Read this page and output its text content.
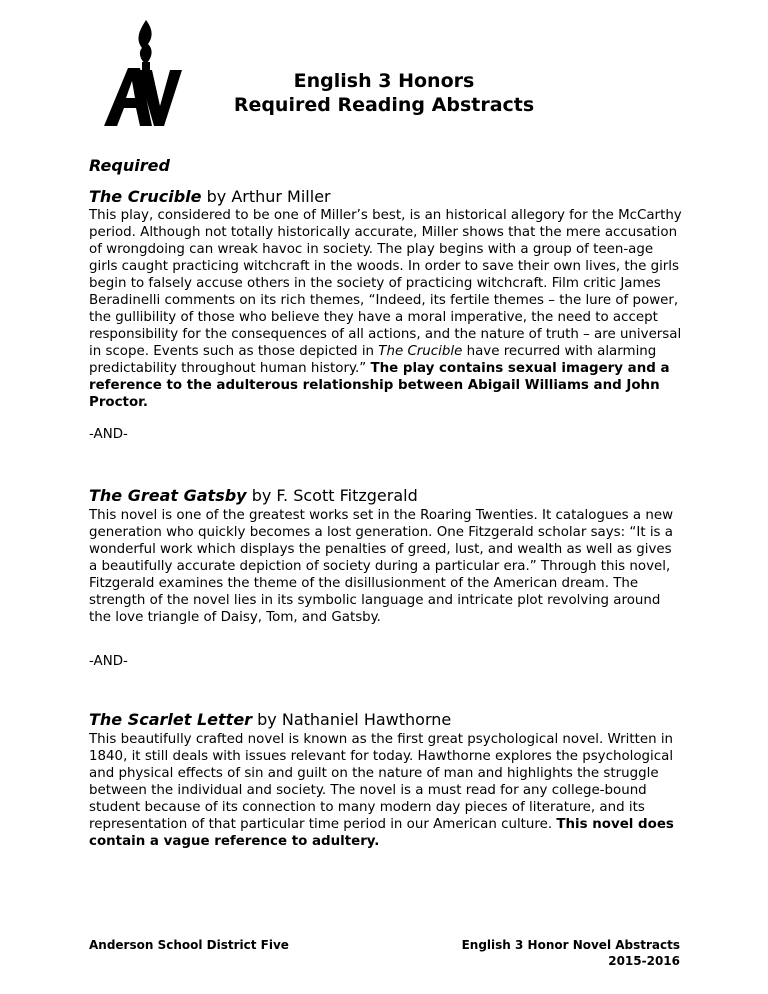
English 3 Honors
Required Reading Abstracts
Required
The Crucible by Arthur Miller

This play, considered to be one of Miller’s best, is an historical allegory for the McCarthy period. Although not totally historically accurate, Miller shows that the mere accusation of wrongdoing can wreak havoc in society. The play begins with a group of teen-age girls caught practicing witchcraft in the woods. In order to save their own lives, the girls begin to falsely accuse others in the society of practicing witchcraft. Film critic James Beradinelli comments on its rich themes, “Indeed, its fertile themes – the lure of power, the gullibility of those who believe they have a moral imperative, the need to accept responsibility for the consequences of all actions, and the nature of truth – are universal in scope. Events such as those depicted in The Crucible have recurred with alarming predictability throughout human history.” The play contains sexual imagery and a reference to the adulterous relationship between Abigail Williams and John Proctor.

-AND-
The Great Gatsby by F. Scott Fitzgerald

This novel is one of the greatest works set in the Roaring Twenties. It catalogues a new generation who quickly becomes a lost generation. One Fitzgerald scholar says: “It is a wonderful work which displays the penalties of greed, lust, and wealth as well as gives a beautifully accurate depiction of society during a particular era.” Through this novel, Fitzgerald examines the theme of the disillusionment of the American dream. The strength of the novel lies in its symbolic language and intricate plot revolving around the love triangle of Daisy, Tom, and Gatsby.

-AND-
The Scarlet Letter by Nathaniel Hawthorne

This beautifully crafted novel is known as the first great psychological novel. Written in 1840, it still deals with issues relevant for today. Hawthorne explores the psychological and physical effects of sin and guilt on the nature of man and highlights the struggle between the individual and society. The novel is a must read for any college-bound student because of its connection to many modern day pieces of literature, and its representation of that particular time period in our American culture. This novel does contain a vague reference to adultery.

Anderson School District Five	English 3 Honor Novel Abstracts
2015-2016
